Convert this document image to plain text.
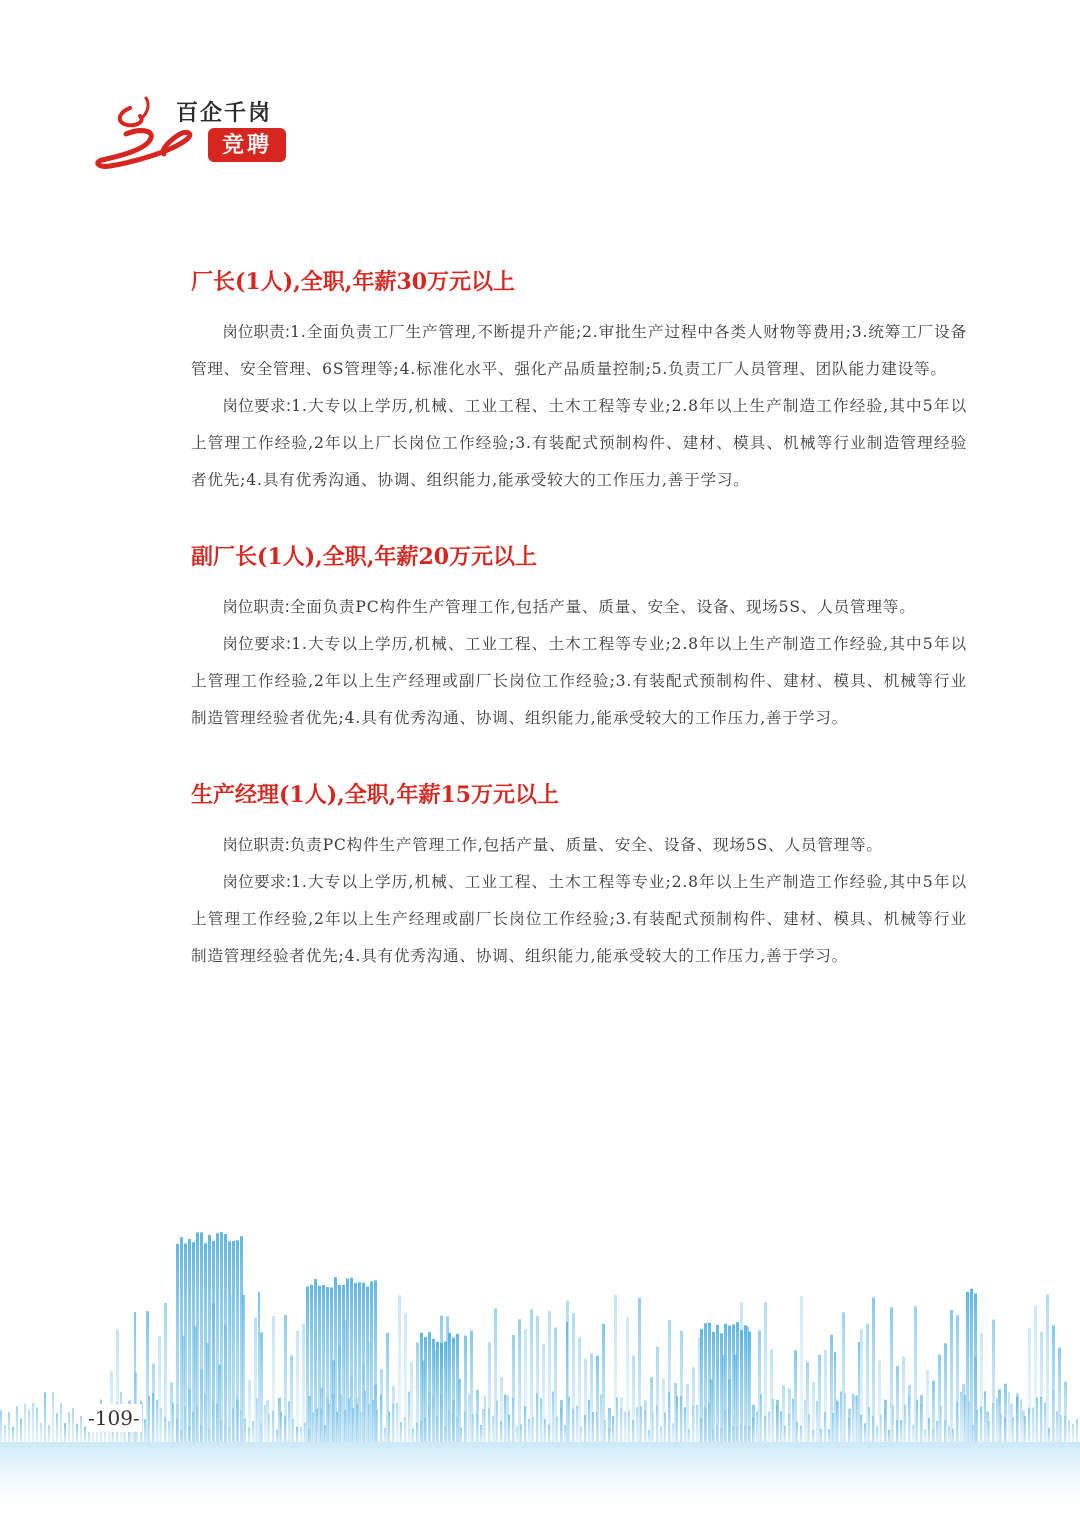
百企千岗
竞聘
厂长(1人),全职,年薪30万元以上

岗位职责:1.全面负责工厂生产管理,不断提升产能;2.审批生产过程中各类人财物等费用;3.统筹工厂设备管理、安全管理、6S管理等;4.标准化水平、强化产品质量控制;5.负责工厂人员管理、团队能力建设等。

岗位要求:1.大专以上学历,机械、工业工程、土木工程等专业;2.8年以上生产制造工作经验,其中5年以上管理工作经验,2年以上厂长岗位工作经验;3.有装配式预制构件、建材、模具、机械等行业制造管理经验者优先;4.具有优秀沟通、协调、组织能力,能承受较大的工作压力,善于学习。

副厂长(1人),全职,年薪20万元以上

岗位职责:全面负责PC构件生产管理工作,包括产量、质量、安全、设备、现场5S、人员管理等。

岗位要求:1.大专以上学历,机械、工业工程、土木工程等专业;2.8年以上生产制造工作经验,其中5年以上管理工作经验,2年以上生产经理或副厂长岗位工作经验;3.有装配式预制构件、建材、模具、机械等行业制造管理经验者优先;4.具有优秀沟通、协调、组织能力,能承受较大的工作压力,善于学习。

生产经理(1人),全职,年薪15万元以上

岗位职责:负责PC构件生产管理工作,包括产量、质量、安全、设备、现场5S、人员管理等。

岗位要求:1.大专以上学历,机械、工业工程、土木工程等专业;2.8年以上生产制造工作经验,其中5年以上管理工作经验,2年以上生产经理或副厂长岗位工作经验;3.有装配式预制构件、建材、模具、机械等行业制造管理经验者优先;4.具有优秀沟通、协调、组织能力,能承受较大的工作压力,善于学习。

-109-
